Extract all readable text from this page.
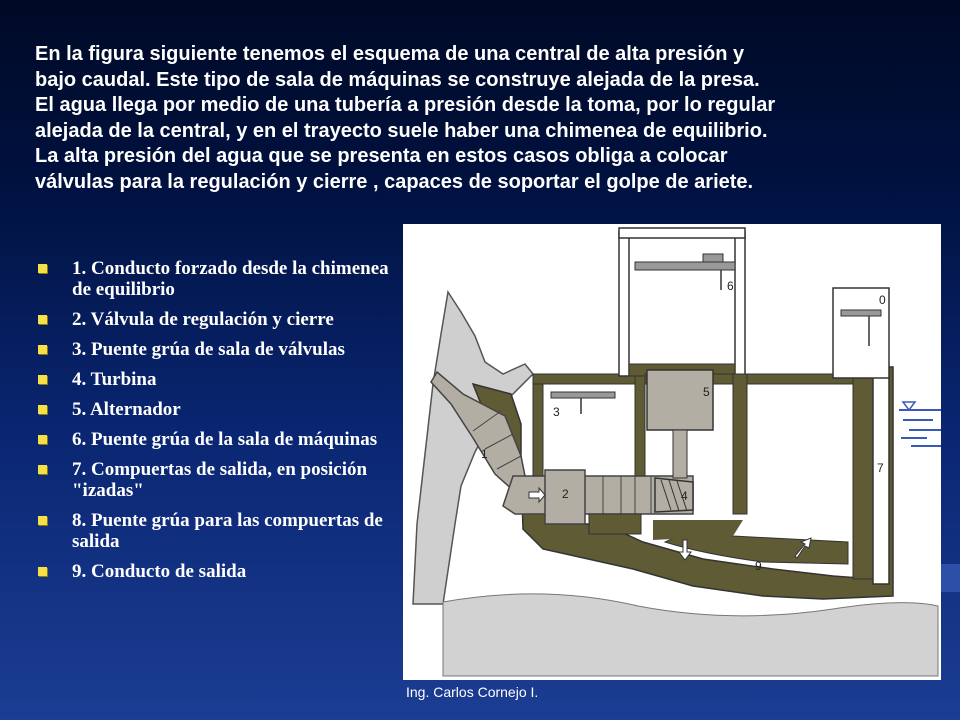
En la figura siguiente tenemos el esquema de una central de alta presión y
bajo caudal. Este tipo de sala de máquinas se construye alejada de la presa.
El agua llega por medio de una tubería a presión desde la toma, por lo regular
alejada de la central, y en el trayecto suele haber una chimenea de equilibrio.
La alta presión del agua que se presenta en estos casos obliga a colocar
válvulas para la regulación y cierre , capaces de soportar el golpe de ariete.
1. Conducto forzado desde la chimenea de equilibrio
2. Válvula de regulación y cierre
3. Puente grúa de sala de válvulas
4. Turbina
5. Alternador
6. Puente grúa de la sala de máquinas
7. Compuertas de salida, en posición "izadas"
8. Puente grúa para las compuertas de salida
9. Conducto de salida
1
2
3
4
5
6
7
9
0
Ing. Carlos Cornejo I.
